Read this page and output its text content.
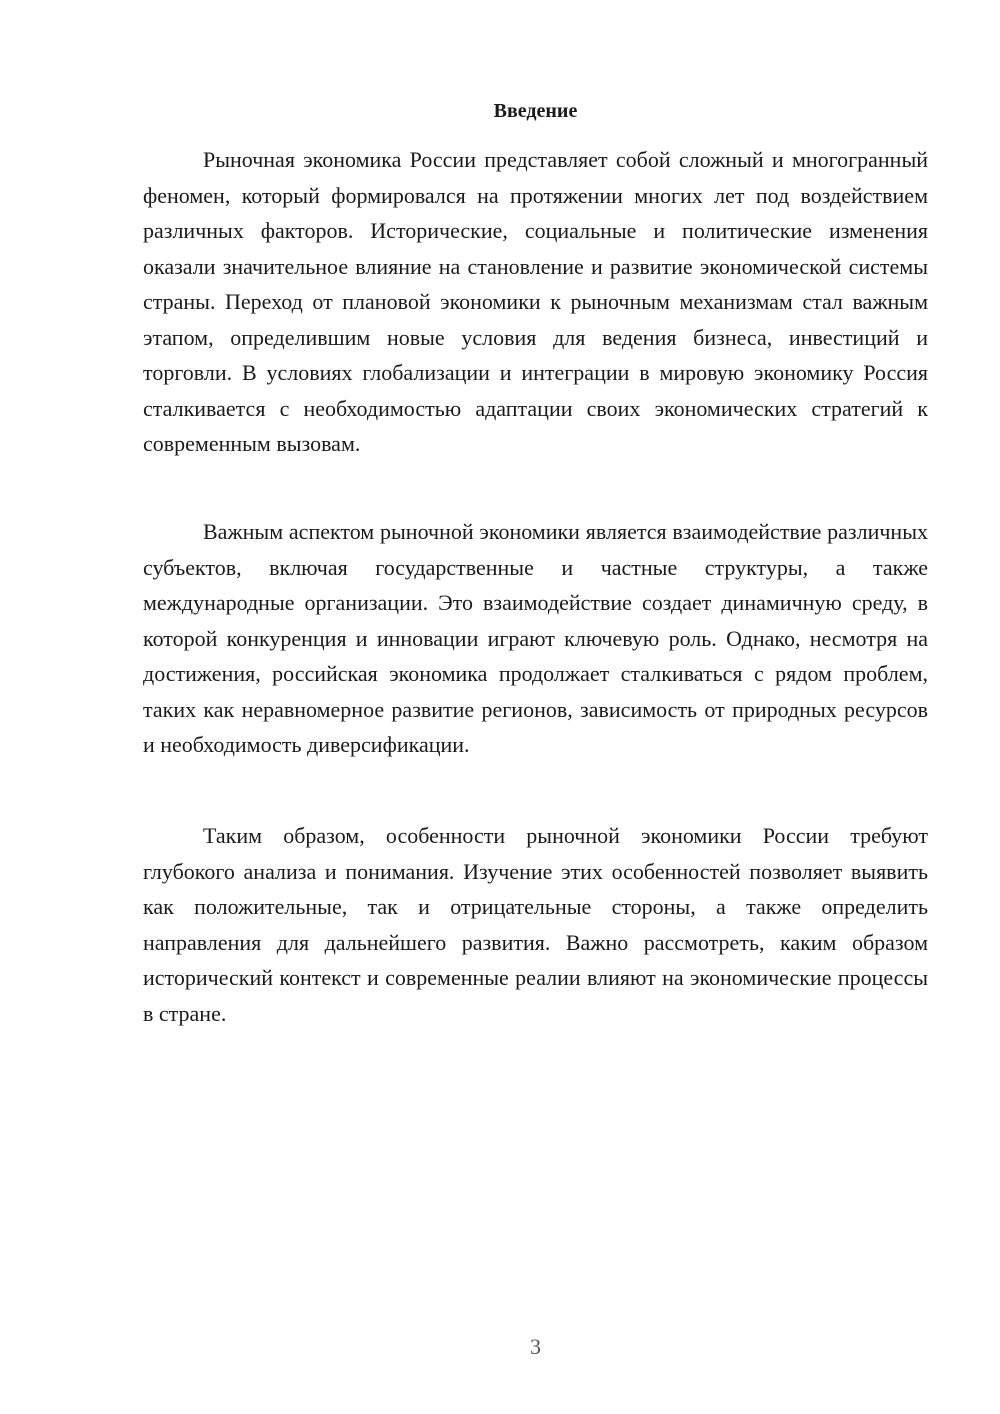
Введение

Рыночная экономика России представляет собой сложный и многогранный феномен, который формировался на протяжении многих лет под воздействием различных факторов. Исторические, социальные и политические изменения оказали значительное влияние на становление и развитие экономической системы страны. Переход от плановой экономики к рыночным механизмам стал важным этапом, определившим новые условия для ведения бизнеса, инвестиций и торговли. В условиях глобализации и интеграции в мировую экономику Россия сталкивается с необходимостью адаптации своих экономических стратегий к современным вызовам.

Важным аспектом рыночной экономики является взаимодействие различных субъектов, включая государственные и частные структуры, а также международные организации. Это взаимодействие создает динамичную среду, в которой конкуренция и инновации играют ключевую роль. Однако, несмотря на достижения, российская экономика продолжает сталкиваться с рядом проблем, таких как неравномерное развитие регионов, зависимость от природных ресурсов и необходимость диверсификации.

Таким образом, особенности рыночной экономики России требуют глубокого анализа и понимания. Изучение этих особенностей позволяет выявить как положительные, так и отрицательные стороны, а также определить направления для дальнейшего развития. Важно рассмотреть, каким образом исторический контекст и современные реалии влияют на экономические процессы в стране.

3
